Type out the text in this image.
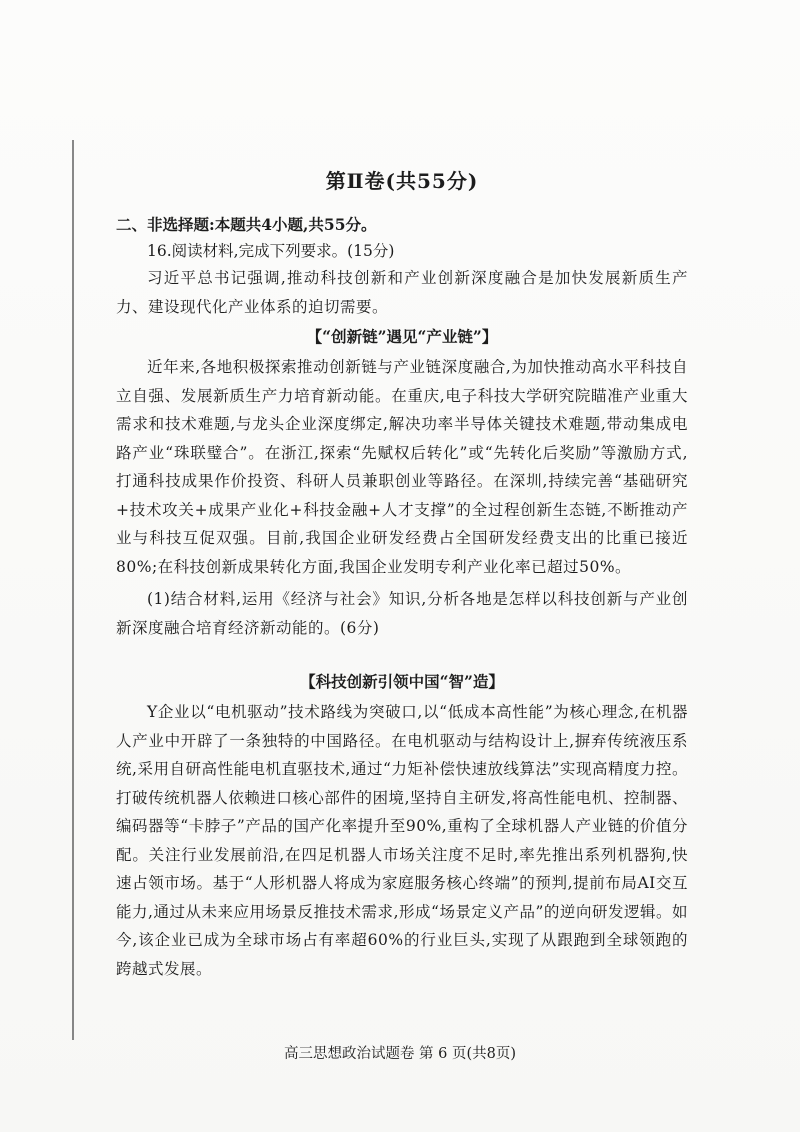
第Ⅱ卷(共55分)

二、非选择题:本题共4小题,共55分。

16.阅读材料,完成下列要求。(15分)

习近平总书记强调,推动科技创新和产业创新深度融合是加快发展新质生产力、建设现代化产业体系的迫切需要。

【“创新链”遇见“产业链”】

近年来,各地积极探索推动创新链与产业链深度融合,为加快推动高水平科技自立自强、发展新质生产力培育新动能。在重庆,电子科技大学研究院瞄准产业重大需求和技术难题,与龙头企业深度绑定,解决功率半导体关键技术难题,带动集成电路产业“珠联璧合”。在浙江,探索“先赋权后转化”或“先转化后奖励”等激励方式,打通科技成果作价投资、科研人员兼职创业等路径。在深圳,持续完善“基础研究+技术攻关+成果产业化+科技金融+人才支撑”的全过程创新生态链,不断推动产业与科技互促双强。目前,我国企业研发经费占全国研发经费支出的比重已接近80%;在科技创新成果转化方面,我国企业发明专利产业化率已超过50%。

(1)结合材料,运用《经济与社会》知识,分析各地是怎样以科技创新与产业创新深度融合培育经济新动能的。(6分)

【科技创新引领中国“智”造】

Y企业以“电机驱动”技术路线为突破口,以“低成本高性能”为核心理念,在机器人产业中开辟了一条独特的中国路径。在电机驱动与结构设计上,摒弃传统液压系统,采用自研高性能电机直驱技术,通过“力矩补偿快速放线算法”实现高精度力控。打破传统机器人依赖进口核心部件的困境,坚持自主研发,将高性能电机、控制器、编码器等“卡脖子”产品的国产化率提升至90%,重构了全球机器人产业链的价值分配。关注行业发展前沿,在四足机器人市场关注度不足时,率先推出系列机器狗,快速占领市场。基于“人形机器人将成为家庭服务核心终端”的预判,提前布局AI交互能力,通过从未来应用场景反推技术需求,形成“场景定义产品”的逆向研发逻辑。如今,该企业已成为全球市场占有率超60%的行业巨头,实现了从跟跑到全球领跑的跨越式发展。

高三思想政治试题卷 第 6 页(共8页)
